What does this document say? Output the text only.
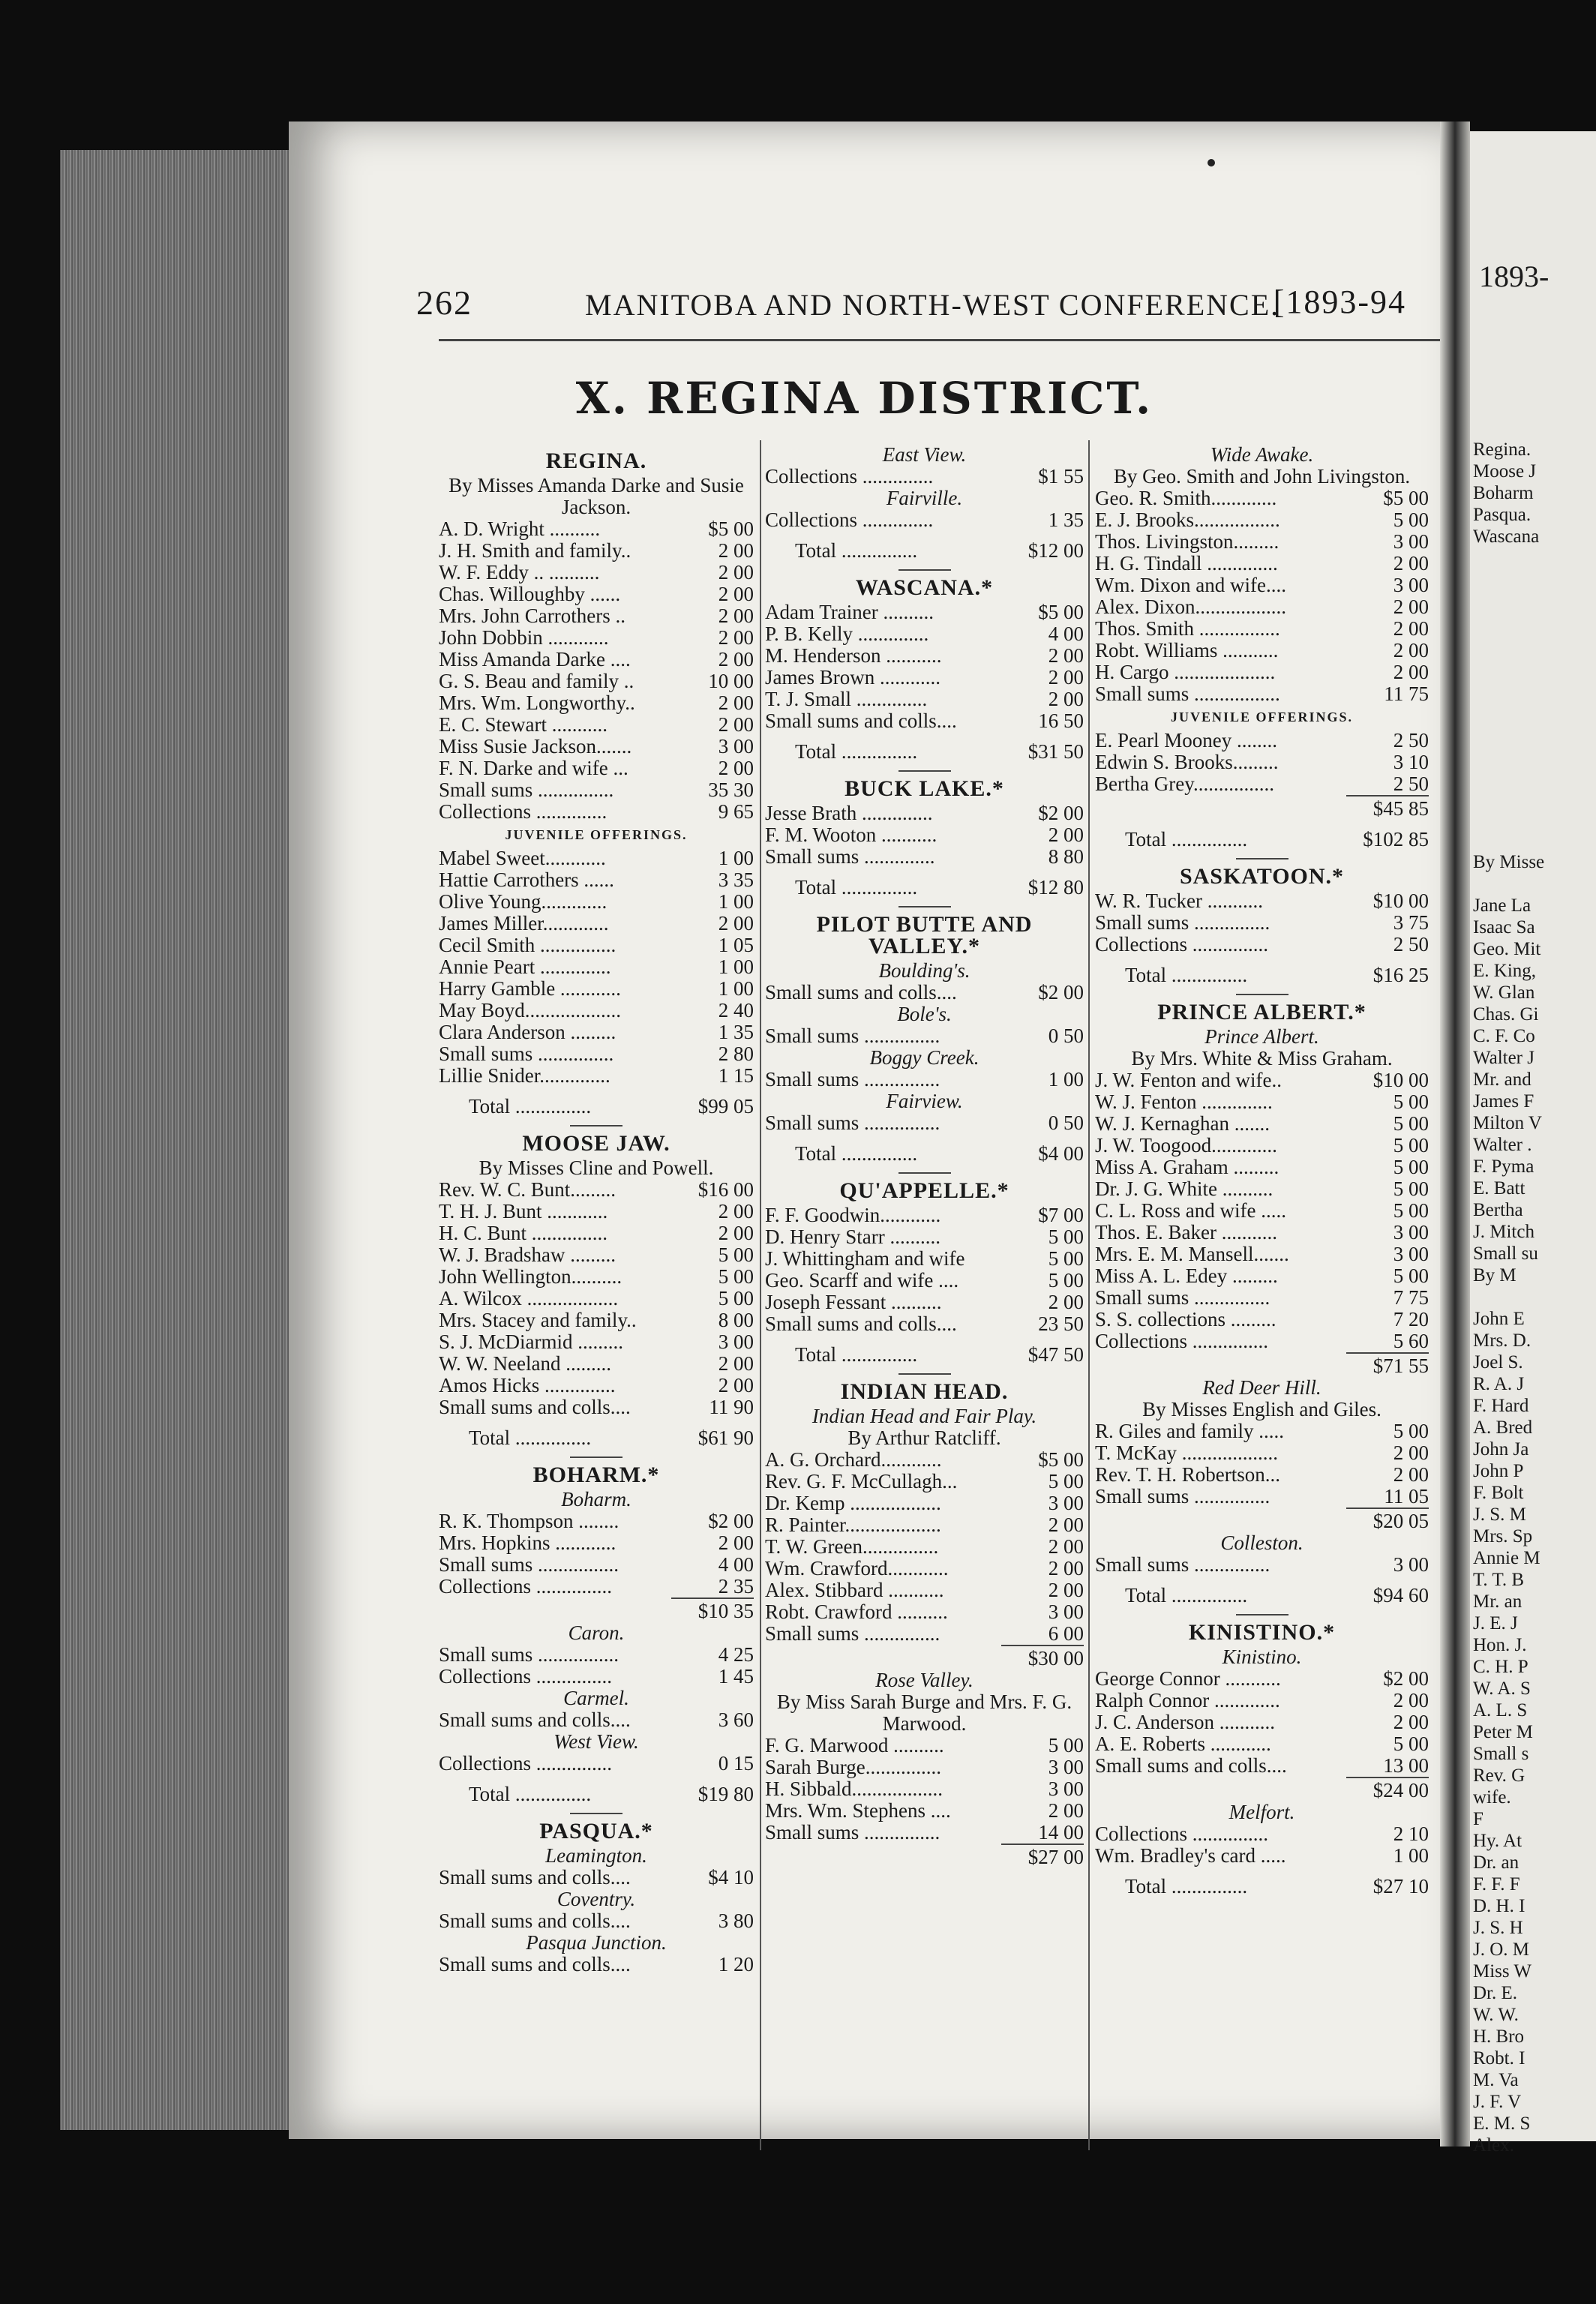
262	MANITOBA AND NORTH-WEST CONFERENCE.
[1893-94
X. REGINA DISTRICT.
REGINA.
By Misses Amanda Darke and Susie Jackson.
A. D. Wright ..........	$5 00
J. H. Smith and family..	2 00
W. F. Eddy .. ..........	2 00
Chas. Willoughby ......	2 00
Mrs. John Carrothers ..	2 00
John Dobbin ............	2 00
Miss Amanda Darke ....	2 00
G. S. Beau and family ..	10 00
Mrs. Wm. Longworthy..	2 00
E. C. Stewart ...........	2 00
Miss Susie Jackson.......	3 00
F. N. Darke and wife ...	2 00
Small sums ...............	35 30
Collections ..............	9 65
JUVENILE OFFERINGS.
Mabel Sweet............	1 00
Hattie Carrothers ......	3 35
Olive Young.............	1 00
James Miller.............	2 00
Cecil Smith ...............	1 05
Annie Peart ..............	1 00
Harry Gamble ............	1 00
May Boyd...................	2 40
Clara Anderson .........	1 35
Small sums ...............	2 80
Lillie Snider..............	1 15
Total ...............	$99 05
MOOSE JAW.
By Misses Cline and Powell.
Rev. W. C. Bunt.........	$16 00
T. H. J. Bunt ............	2 00
H. C. Bunt ...............	2 00
W. J. Bradshaw .........	5 00
John Wellington..........	5 00
A. Wilcox ..................	5 00
Mrs. Stacey and family..	8 00
S. J. McDiarmid .........	3 00
W. W. Neeland .........	2 00
Amos Hicks ..............	2 00
Small sums and colls....	11 90
Total ...............	$61 90
BOHARM.*
Boharm.
R. K. Thompson ........	$2 00
Mrs. Hopkins ............	2 00
Small sums ................	4 00
Collections ...............	2 35
$10 35
Caron.
Small sums ................	4 25
Collections ...............	1 45
Carmel.
Small sums and colls....	3 60
West View.
Collections ...............	0 15
Total ...............	$19 80
PASQUA.*
Leamington.
Small sums and colls....	$4 10
Coventry.
Small sums and colls....	3 80
Pasqua Junction.
Small sums and colls....	1 20
East View.
Collections ..............	$1 55
Fairville.
Collections ..............	1 35
Total ...............	$12 00
WASCANA.*
Adam Trainer ..........	$5 00
P. B. Kelly ..............	4 00
M. Henderson ...........	2 00
James Brown ............	2 00
T. J. Small ..............	2 00
Small sums and colls....	16 50
Total ...............	$31 50
BUCK LAKE.*
Jesse Brath ..............	$2 00
F. M. Wooton ...........	2 00
Small sums ..............	8 80
Total ...............	$12 80
PILOT BUTTE AND VALLEY.*
Boulding's.
Small sums and colls....	$2 00
Bole's.
Small sums ...............	0 50
Boggy Creek.
Small sums ...............	1 00
Fairview.
Small sums ...............	0 50
Total ...............	$4 00
QU'APPELLE.*
F. F. Goodwin............	$7 00
D. Henry Starr ..........	5 00
J. Whittingham and wife	5 00
Geo. Scarff and wife ....	5 00
Joseph Fessant ..........	2 00
Small sums and colls....	23 50
Total ...............	$47 50
INDIAN HEAD.
Indian Head and Fair Play.
By Arthur Ratcliff.
A. G. Orchard............	$5 00
Rev. G. F. McCullagh...	5 00
Dr. Kemp ..................	3 00
R. Painter...................	2 00
T. W. Green...............	2 00
Wm. Crawford............	2 00
Alex. Stibbard ...........	2 00
Robt. Crawford ..........	3 00
Small sums ...............	6 00
$30 00
Rose Valley.
By Miss Sarah Burge and Mrs. F. G. Marwood.
F. G. Marwood ..........	5 00
Sarah Burge...............	3 00
H. Sibbald..................	3 00
Mrs. Wm. Stephens ....	2 00
Small sums ...............	14 00
$27 00
Wide Awake.
By Geo. Smith and John Livingston.
Geo. R. Smith.............	$5 00
E. J. Brooks.................	5 00
Thos. Livingston.........	3 00
H. G. Tindall ..............	2 00
Wm. Dixon and wife....	3 00
Alex. Dixon..................	2 00
Thos. Smith ................	2 00
Robt. Williams ...........	2 00
H. Cargo ....................	2 00
Small sums .................	11 75
JUVENILE OFFERINGS.
E. Pearl Mooney ........	2 50
Edwin S. Brooks.........	3 10
Bertha Grey................	2 50
$45 85
Total ...............	$102 85
SASKATOON.*
W. R. Tucker ...........	$10 00
Small sums ...............	3 75
Collections ...............	2 50
Total ...............	$16 25
PRINCE ALBERT.*
Prince Albert.
By Mrs. White & Miss Graham.
J. W. Fenton and wife..	$10 00
W. J. Fenton ..............	5 00
W. J. Kernaghan .......	5 00
J. W. Toogood.............	5 00
Miss A. Graham .........	5 00
Dr. J. G. White ..........	5 00
C. L. Ross and wife .....	5 00
Thos. E. Baker ...........	3 00
Mrs. E. M. Mansell.......	3 00
Miss A. L. Edey .........	5 00
Small sums ...............	7 75
S. S. collections .........	7 20
Collections ...............	5 60
$71 55
Red Deer Hill.
By Misses English and Giles.
R. Giles and family .....	5 00
T. McKay ...................	2 00
Rev. T. H. Robertson...	2 00
Small sums ...............	11 05
$20 05
Colleston.
Small sums ...............	3 00
Total ...............	$94 60
KINISTINO.*
Kinistino.
George Connor ...........	$2 00
Ralph Connor .............	2 00
J. C. Anderson ...........	2 00
A. E. Roberts ............	5 00
Small sums and colls....	13 00
$24 00
Melfort.
Collections ...............	2 10
Wm. Bradley's card .....	1 00
Total ...............	$27 10
1893-
Regina.
Moose J
Boharm
Pasqua.
Wascana
By Misse

Jane La
Isaac Sa
Geo. Mit
E. King,
W. Glan
Chas. Gi
C. F. Co
Walter J
Mr. and
James F
Milton V
Walter .
F. Pyma
E. Batt
Bertha
J. Mitch
Small su
By M

John E
Mrs. D.
Joel S.
R. A. J
F. Hard
A. Bred
John Ja
John P
F. Bolt
J. S. M
Mrs. Sp
Annie M
T. T. B
Mr. an
J. E. J
Hon. J.
C. H. P
W. A. S
A. L. S
Peter M
Small s
Rev. G
wife.
F
Hy. At
Dr. an
F. F. F
D. H. I
J. S. H
J. O. M
Miss W
Dr. E.
W. W.
H. Bro
Robt. I
M. Va
J. F. V
E. M. S
Alex.
